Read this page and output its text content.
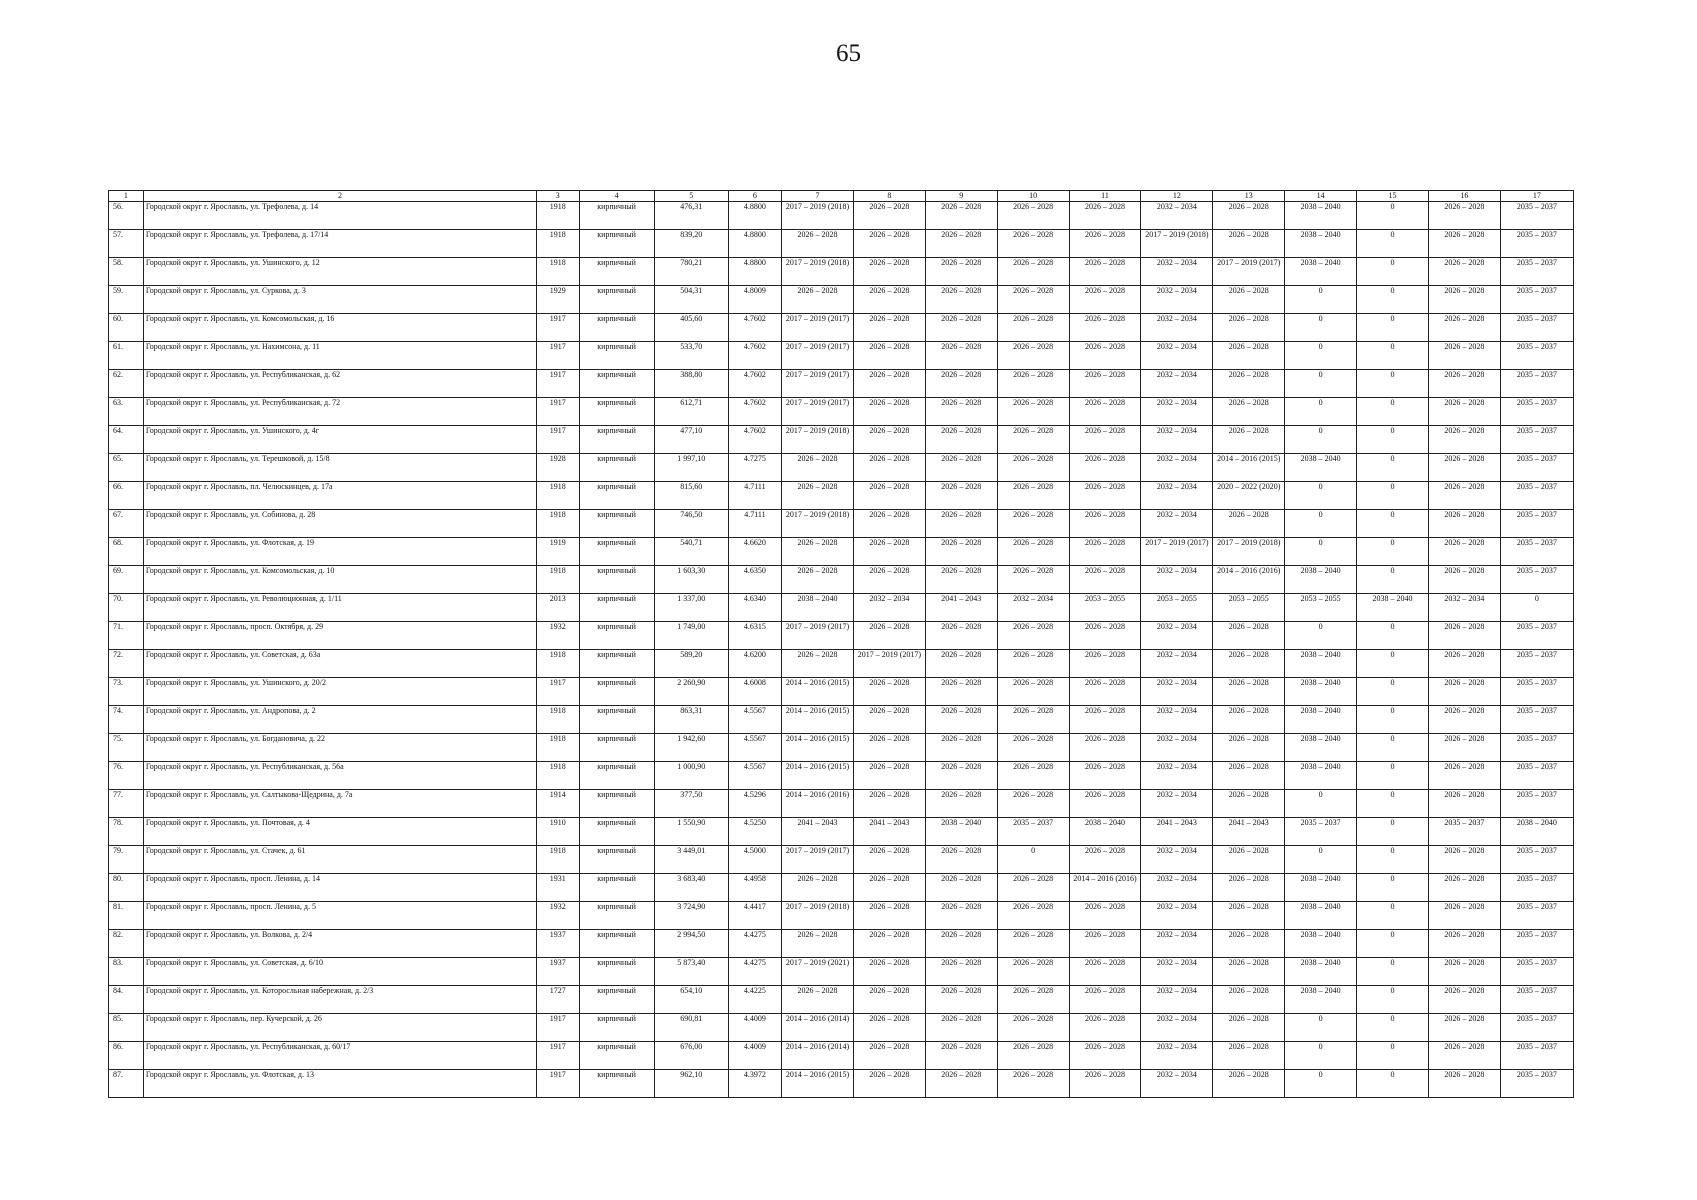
65
1	2	3	4	5	6	7	8	9	10	11	12	13	14	15	16	17
56.	Городской округ г. Ярославль, ул. Трефолева, д. 14	1918	кирпичный	476,31	4.8800	2017 – 2019 (2018)	2026 – 2028	2026 – 2028	2026 – 2028	2026 – 2028	2032 – 2034	2026 – 2028	2038 – 2040	0	2026 – 2028	2035 – 2037
57.	Городской округ г. Ярославль, ул. Трефолева, д. 17/14	1918	кирпичный	839,20	4.8800	2026 – 2028	2026 – 2028	2026 – 2028	2026 – 2028	2026 – 2028	2017 – 2019 (2018)	2026 – 2028	2038 – 2040	0	2026 – 2028	2035 – 2037
58.	Городской округ г. Ярославль, ул. Ушинского, д. 12	1918	кирпичный	780,21	4.8800	2017 – 2019 (2018)	2026 – 2028	2026 – 2028	2026 – 2028	2026 – 2028	2032 – 2034	2017 – 2019 (2017)	2038 – 2040	0	2026 – 2028	2035 – 2037
59.	Городской округ г. Ярославль, ул. Суркова, д. 3	1929	кирпичный	504,31	4.8009	2026 – 2028	2026 – 2028	2026 – 2028	2026 – 2028	2026 – 2028	2032 – 2034	2026 – 2028	0	0	2026 – 2028	2035 – 2037
60.	Городской округ г. Ярославль, ул. Комсомольская, д. 16	1917	кирпичный	405,60	4.7602	2017 – 2019 (2017)	2026 – 2028	2026 – 2028	2026 – 2028	2026 – 2028	2032 – 2034	2026 – 2028	0	0	2026 – 2028	2035 – 2037
61.	Городской округ г. Ярославль, ул. Нахимсона, д. 11	1917	кирпичный	533,70	4.7602	2017 – 2019 (2017)	2026 – 2028	2026 – 2028	2026 – 2028	2026 – 2028	2032 – 2034	2026 – 2028	0	0	2026 – 2028	2035 – 2037
62.	Городской округ г. Ярославль, ул. Республиканская, д. 62	1917	кирпичный	388,80	4.7602	2017 – 2019 (2017)	2026 – 2028	2026 – 2028	2026 – 2028	2026 – 2028	2032 – 2034	2026 – 2028	0	0	2026 – 2028	2035 – 2037
63.	Городской округ г. Ярославль, ул. Республиканская, д. 72	1917	кирпичный	612,71	4.7602	2017 – 2019 (2017)	2026 – 2028	2026 – 2028	2026 – 2028	2026 – 2028	2032 – 2034	2026 – 2028	0	0	2026 – 2028	2035 – 2037
64.	Городской округ г. Ярославль, ул. Ушинского, д. 4г	1917	кирпичный	477,10	4.7602	2017 – 2019 (2018)	2026 – 2028	2026 – 2028	2026 – 2028	2026 – 2028	2032 – 2034	2026 – 2028	0	0	2026 – 2028	2035 – 2037
65.	Городской округ г. Ярославль, ул. Терешковой, д. 15/8	1928	кирпичный	1 997,10	4.7275	2026 – 2028	2026 – 2028	2026 – 2028	2026 – 2028	2026 – 2028	2032 – 2034	2014 – 2016 (2015)	2038 – 2040	0	2026 – 2028	2035 – 2037
66.	Городской округ г. Ярославль, пл. Челюскинцев, д. 17а	1918	кирпичный	815,60	4.7111	2026 – 2028	2026 – 2028	2026 – 2028	2026 – 2028	2026 – 2028	2032 – 2034	2020 – 2022 (2020)	0	0	2026 – 2028	2035 – 2037
67.	Городской округ г. Ярославль, ул. Собинова, д. 28	1918	кирпичный	746,50	4.7111	2017 – 2019 (2018)	2026 – 2028	2026 – 2028	2026 – 2028	2026 – 2028	2032 – 2034	2026 – 2028	0	0	2026 – 2028	2035 – 2037
68.	Городской округ г. Ярославль, ул. Флотская, д. 19	1919	кирпичный	540,71	4.6620	2026 – 2028	2026 – 2028	2026 – 2028	2026 – 2028	2026 – 2028	2017 – 2019 (2017)	2017 – 2019 (2018)	0	0	2026 – 2028	2035 – 2037
69.	Городской округ г. Ярославль, ул. Комсомольская, д. 10	1918	кирпичный	1 603,30	4.6350	2026 – 2028	2026 – 2028	2026 – 2028	2026 – 2028	2026 – 2028	2032 – 2034	2014 – 2016 (2016)	2038 – 2040	0	2026 – 2028	2035 – 2037
70.	Городской округ г. Ярославль, ул. Революционная, д. 1/11	2013	кирпичный	1 337,00	4.6340	2038 – 2040	2032 – 2034	2041 – 2043	2032 – 2034	2053 – 2055	2053 – 2055	2053 – 2055	2053 – 2055	2038 – 2040	2032 – 2034	0
71.	Городской округ г. Ярославль, просп. Октября, д. 29	1932	кирпичный	1 749,00	4.6315	2017 – 2019 (2017)	2026 – 2028	2026 – 2028	2026 – 2028	2026 – 2028	2032 – 2034	2026 – 2028	0	0	2026 – 2028	2035 – 2037
72.	Городской округ г. Ярославль, ул. Советская, д. 63а	1918	кирпичный	589,20	4.6200	2026 – 2028	2017 – 2019 (2017)	2026 – 2028	2026 – 2028	2026 – 2028	2032 – 2034	2026 – 2028	2038 – 2040	0	2026 – 2028	2035 – 2037
73.	Городской округ г. Ярославль, ул. Ушинского, д. 20/2	1917	кирпичный	2 260,90	4.6008	2014 – 2016 (2015)	2026 – 2028	2026 – 2028	2026 – 2028	2026 – 2028	2032 – 2034	2026 – 2028	2038 – 2040	0	2026 – 2028	2035 – 2037
74.	Городской округ г. Ярославль, ул. Андропова, д. 2	1918	кирпичный	863,31	4.5567	2014 – 2016 (2015)	2026 – 2028	2026 – 2028	2026 – 2028	2026 – 2028	2032 – 2034	2026 – 2028	2038 – 2040	0	2026 – 2028	2035 – 2037
75.	Городской округ г. Ярославль, ул. Богдановича, д. 22	1918	кирпичный	1 942,60	4.5567	2014 – 2016 (2015)	2026 – 2028	2026 – 2028	2026 – 2028	2026 – 2028	2032 – 2034	2026 – 2028	2038 – 2040	0	2026 – 2028	2035 – 2037
76.	Городской округ г. Ярославль, ул. Республиканская, д. 56а	1918	кирпичный	1 000,90	4.5567	2014 – 2016 (2015)	2026 – 2028	2026 – 2028	2026 – 2028	2026 – 2028	2032 – 2034	2026 – 2028	2038 – 2040	0	2026 – 2028	2035 – 2037
77.	Городской округ г. Ярославль, ул. Салтыкова-Щедрина, д. 7а	1914	кирпичный	377,50	4.5296	2014 – 2016 (2016)	2026 – 2028	2026 – 2028	2026 – 2028	2026 – 2028	2032 – 2034	2026 – 2028	0	0	2026 – 2028	2035 – 2037
78.	Городской округ г. Ярославль, ул. Почтовая, д. 4	1910	кирпичный	1 550,90	4.5250	2041 – 2043	2041 – 2043	2038 – 2040	2035 – 2037	2038 – 2040	2041 – 2043	2041 – 2043	2035 – 2037	0	2035 – 2037	2038 – 2040
79.	Городской округ г. Ярославль, ул. Стачек, д. 61	1918	кирпичный	3 449,01	4.5000	2017 – 2019 (2017)	2026 – 2028	2026 – 2028	0	2026 – 2028	2032 – 2034	2026 – 2028	0	0	2026 – 2028	2035 – 2037
80.	Городской округ г. Ярославль, просп. Ленина, д. 14	1931	кирпичный	3 683,40	4.4958	2026 – 2028	2026 – 2028	2026 – 2028	2026 – 2028	2014 – 2016 (2016)	2032 – 2034	2026 – 2028	2038 – 2040	0	2026 – 2028	2035 – 2037
81.	Городской округ г. Ярославль, просп. Ленина, д. 5	1932	кирпичный	3 724,90	4.4417	2017 – 2019 (2018)	2026 – 2028	2026 – 2028	2026 – 2028	2026 – 2028	2032 – 2034	2026 – 2028	2038 – 2040	0	2026 – 2028	2035 – 2037
82.	Городской округ г. Ярославль, ул. Волкова, д. 2/4	1937	кирпичный	2 994,50	4.4275	2026 – 2028	2026 – 2028	2026 – 2028	2026 – 2028	2026 – 2028	2032 – 2034	2026 – 2028	2038 – 2040	0	2026 – 2028	2035 – 2037
83.	Городской округ г. Ярославль, ул. Советская, д. 6/10	1937	кирпичный	5 873,40	4.4275	2017 – 2019 (2021)	2026 – 2028	2026 – 2028	2026 – 2028	2026 – 2028	2032 – 2034	2026 – 2028	2038 – 2040	0	2026 – 2028	2035 – 2037
84.	Городской округ г. Ярославль, ул. Которосльная набережная, д. 2/3	1727	кирпичный	654,10	4.4225	2026 – 2028	2026 – 2028	2026 – 2028	2026 – 2028	2026 – 2028	2032 – 2034	2026 – 2028	2038 – 2040	0	2026 – 2028	2035 – 2037
85.	Городской округ г. Ярославль, пер. Кучерской, д. 26	1917	кирпичный	690,81	4.4009	2014 – 2016 (2014)	2026 – 2028	2026 – 2028	2026 – 2028	2026 – 2028	2032 – 2034	2026 – 2028	0	0	2026 – 2028	2035 – 2037
86.	Городской округ г. Ярославль, ул. Республиканская, д. 60/17	1917	кирпичный	676,00	4.4009	2014 – 2016 (2014)	2026 – 2028	2026 – 2028	2026 – 2028	2026 – 2028	2032 – 2034	2026 – 2028	0	0	2026 – 2028	2035 – 2037
87.	Городской округ г. Ярославль, ул. Флотская, д. 13	1917	кирпичный	962,10	4.3972	2014 – 2016 (2015)	2026 – 2028	2026 – 2028	2026 – 2028	2026 – 2028	2032 – 2034	2026 – 2028	0	0	2026 – 2028	2035 – 2037
